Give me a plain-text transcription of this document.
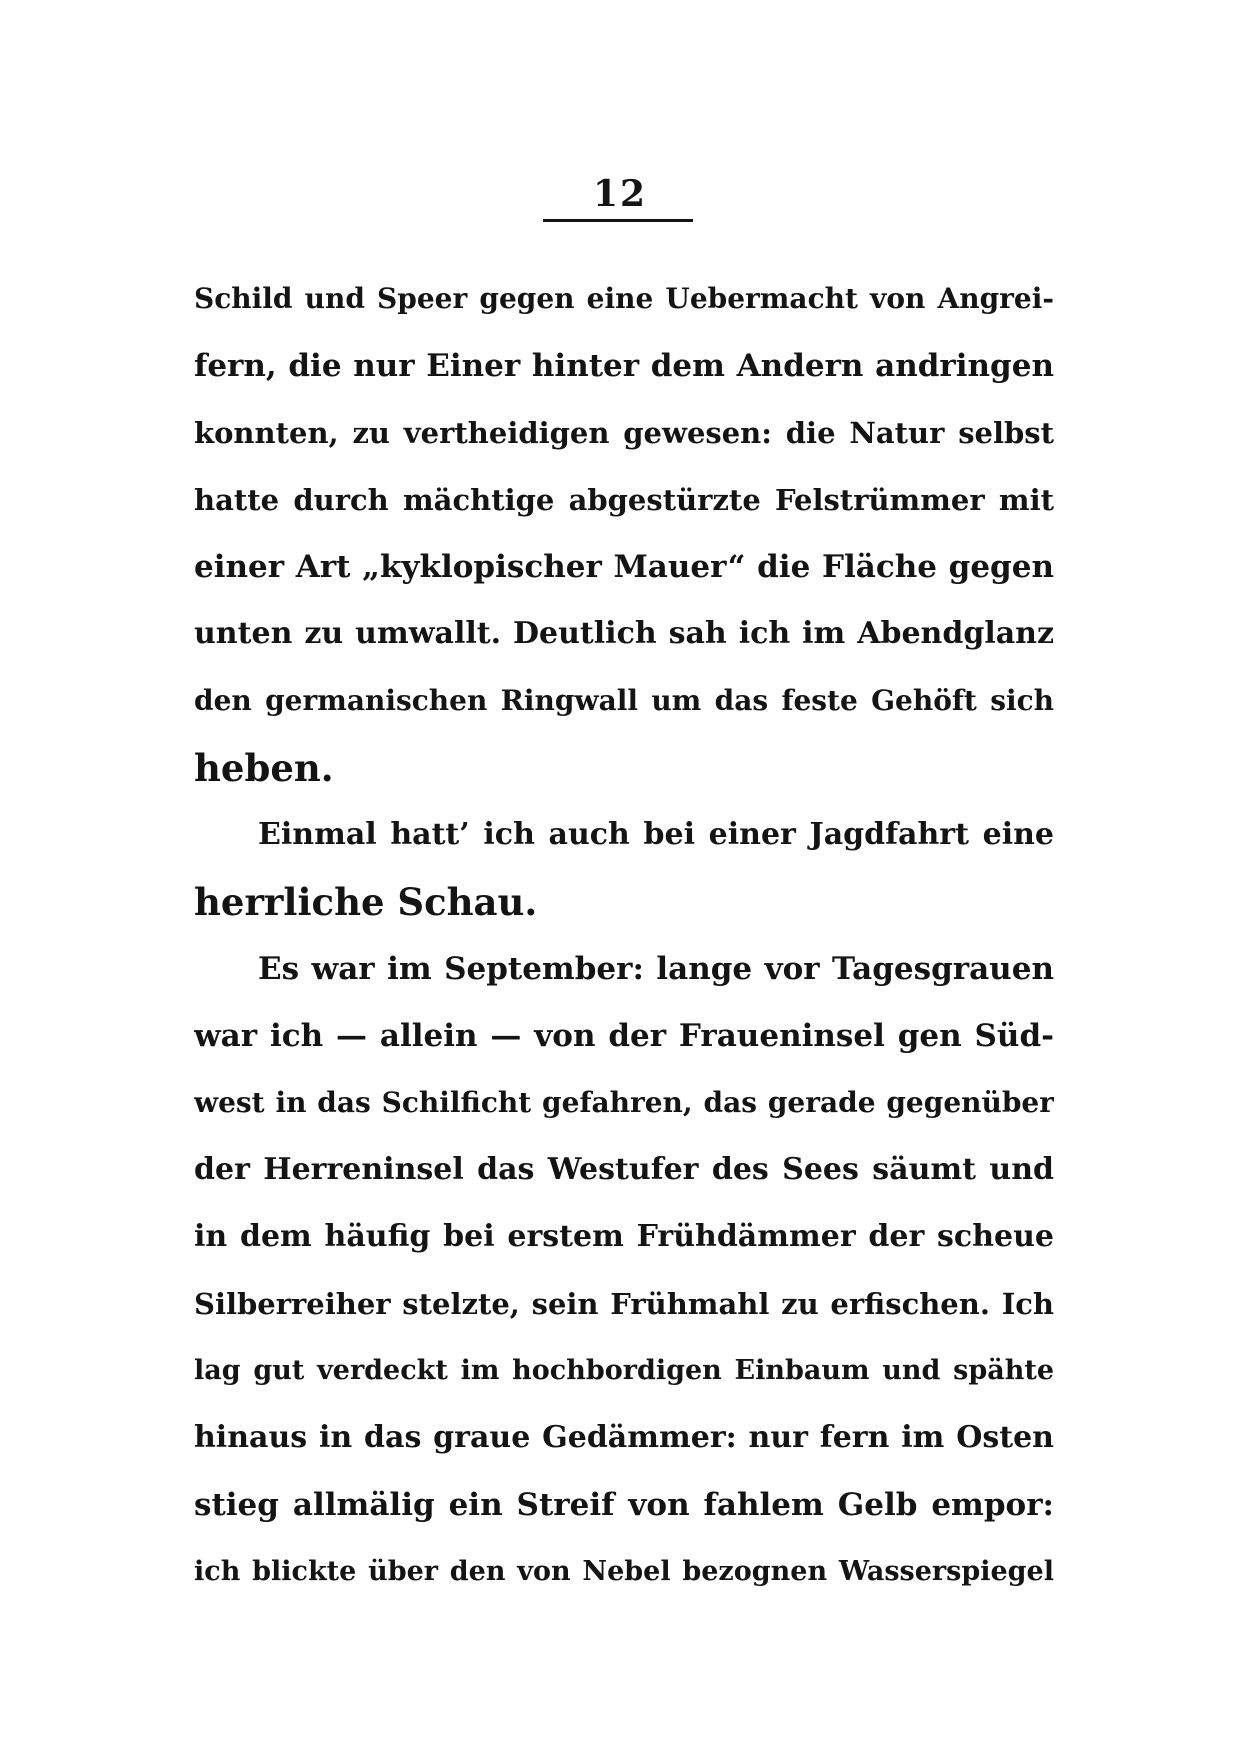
12
Schild und Speer gegen eine Uebermacht von Angrei-
fern, die nur Einer hinter dem Andern andringen
konnten, zu vertheidigen gewesen: die Natur selbst
hatte durch mächtige abgestürzte Felstrümmer mit
einer Art „kyklopischer Mauer“ die Fläche gegen
unten zu umwallt. Deutlich sah ich im Abendglanz
den germanischen Ringwall um das feste Gehöft sich
heben.
Einmal hatt’ ich auch bei einer Jagdfahrt eine
herrliche Schau.
Es war im September: lange vor Tagesgrauen
war ich — allein — von der Fraueninsel gen Süd-
west in das Schilficht gefahren, das gerade gegenüber
der Herreninsel das Westufer des Sees säumt und
in dem häufig bei erstem Frühdämmer der scheue
Silberreiher stelzte, sein Frühmahl zu erfischen. Ich
lag gut verdeckt im hochbordigen Einbaum und spähte
hinaus in das graue Gedämmer: nur fern im Osten
stieg allmälig ein Streif von fahlem Gelb empor:
ich blickte über den von Nebel bezognen Wasserspiegel
